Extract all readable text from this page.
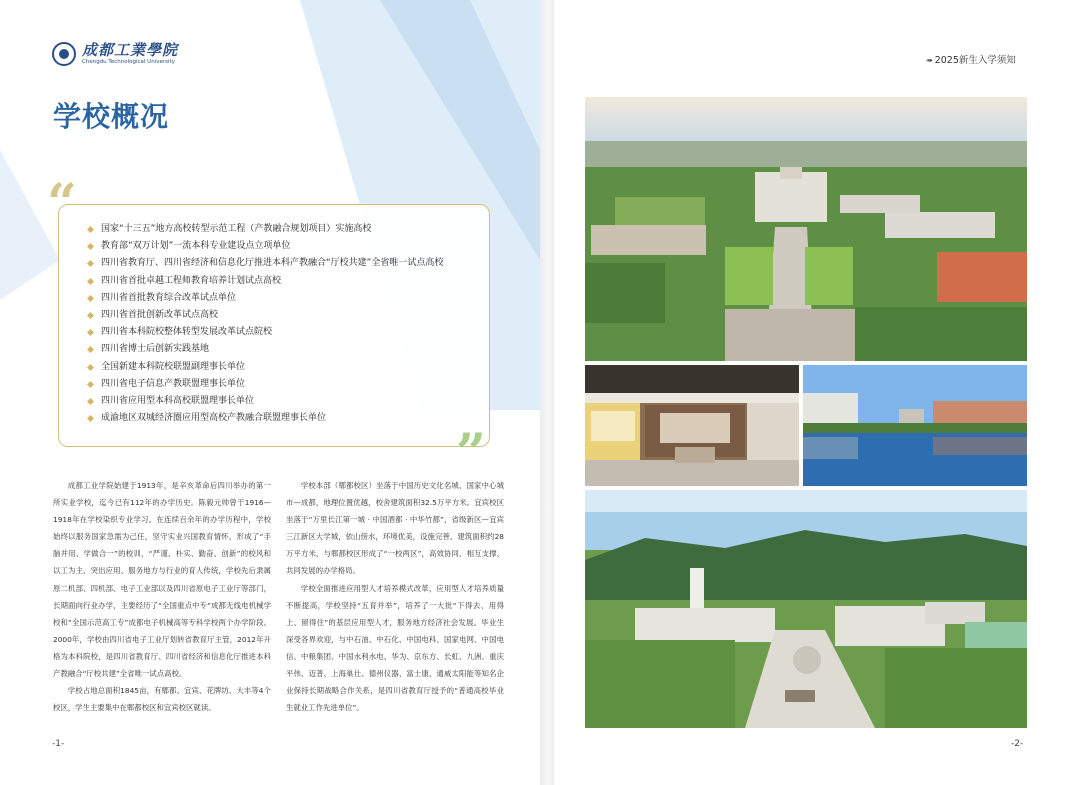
成都工業學院
Chengdu Technological University
学校概况
“
”
国家“十三五”地方高校转型示范工程（产教融合规划项目）实施高校
教育部“双万计划”一流本科专业建设点立项单位
四川省教育厅、四川省经济和信息化厅推进本科产教融合“厅校共建”全省唯一试点高校
四川省首批卓越工程师教育培养计划试点高校
四川省首批教育综合改革试点单位
四川省首批创新改革试点高校
四川省本科院校整体转型发展改革试点院校
四川省博士后创新实践基地
全国新建本科院校联盟副理事长单位
四川省电子信息产教联盟理事长单位
四川省应用型本科高校联盟理事长单位
成渝地区双城经济圈应用型高校产教融合联盟理事长单位

成都工业学院始建于1913年，是辛亥革命后四川举办的第一所实业学校，迄今已有112年的办学历史。陈毅元帅曾于1916—1918年在学校染织专业学习。在连续百余年的办学历程中，学校始终以服务国家急需为己任，坚守实业兴国教育情怀，形成了“手脑并用、学做合一”的校训，“严谨、朴实、勤奋、创新”的校风和以工为主、突出应用、服务地方与行业的育人传统，学校先后隶属原二机部、四机部、电子工业部以及四川省原电子工业厅等部门，长期面向行业办学，主要经历了“全国重点中专”成都无线电机械学校和“全国示范高工专”成都电子机械高等专科学校两个办学阶段。2000年，学校由四川省电子工业厅划转省教育厅主管，2012年升格为本科院校，是四川省教育厅、四川省经济和信息化厅推进本科产教融合“厅校共建”全省唯一试点高校。

学校占地总面积1845亩，有郫都、宜宾、花牌坊、大丰等4个校区，学生主要集中在郫都校区和宜宾校区就读。

学校本部（郫都校区）坐落于中国历史文化名城、国家中心城市—成都，地理位置优越，校舍建筑面积32.5万平方米。宜宾校区坐落于“万里长江第一城 · 中国酒都 · 中华竹都”，省级新区—宜宾三江新区大学城，依山傍水，环境优美，设施完善，建筑面积约28万平方米，与郫都校区形成了“一校两区”，高效协同、相互支撑、共同发展的办学格局。

学校全面推进应用型人才培养模式改革，应用型人才培养质量不断提高，学校坚持“五育并举”，培养了一大批“下得去、用得上、留得住”的基层应用型人才，服务地方经济社会发展。毕业生深受各界欢迎，与中石油、中石化、中国电科、国家电网、中国电信、中粮集团、中国水利水电、华为、京东方、长虹、九洲、重庆平伟、迈普、上海巢仕、德州仪器、富士康、通威太阳能等知名企业保持长期战略合作关系，是四川省教育厅授予的“普通高校毕业生就业工作先进单位”。

-1-
➠ 2025新生入学须知
-2-
